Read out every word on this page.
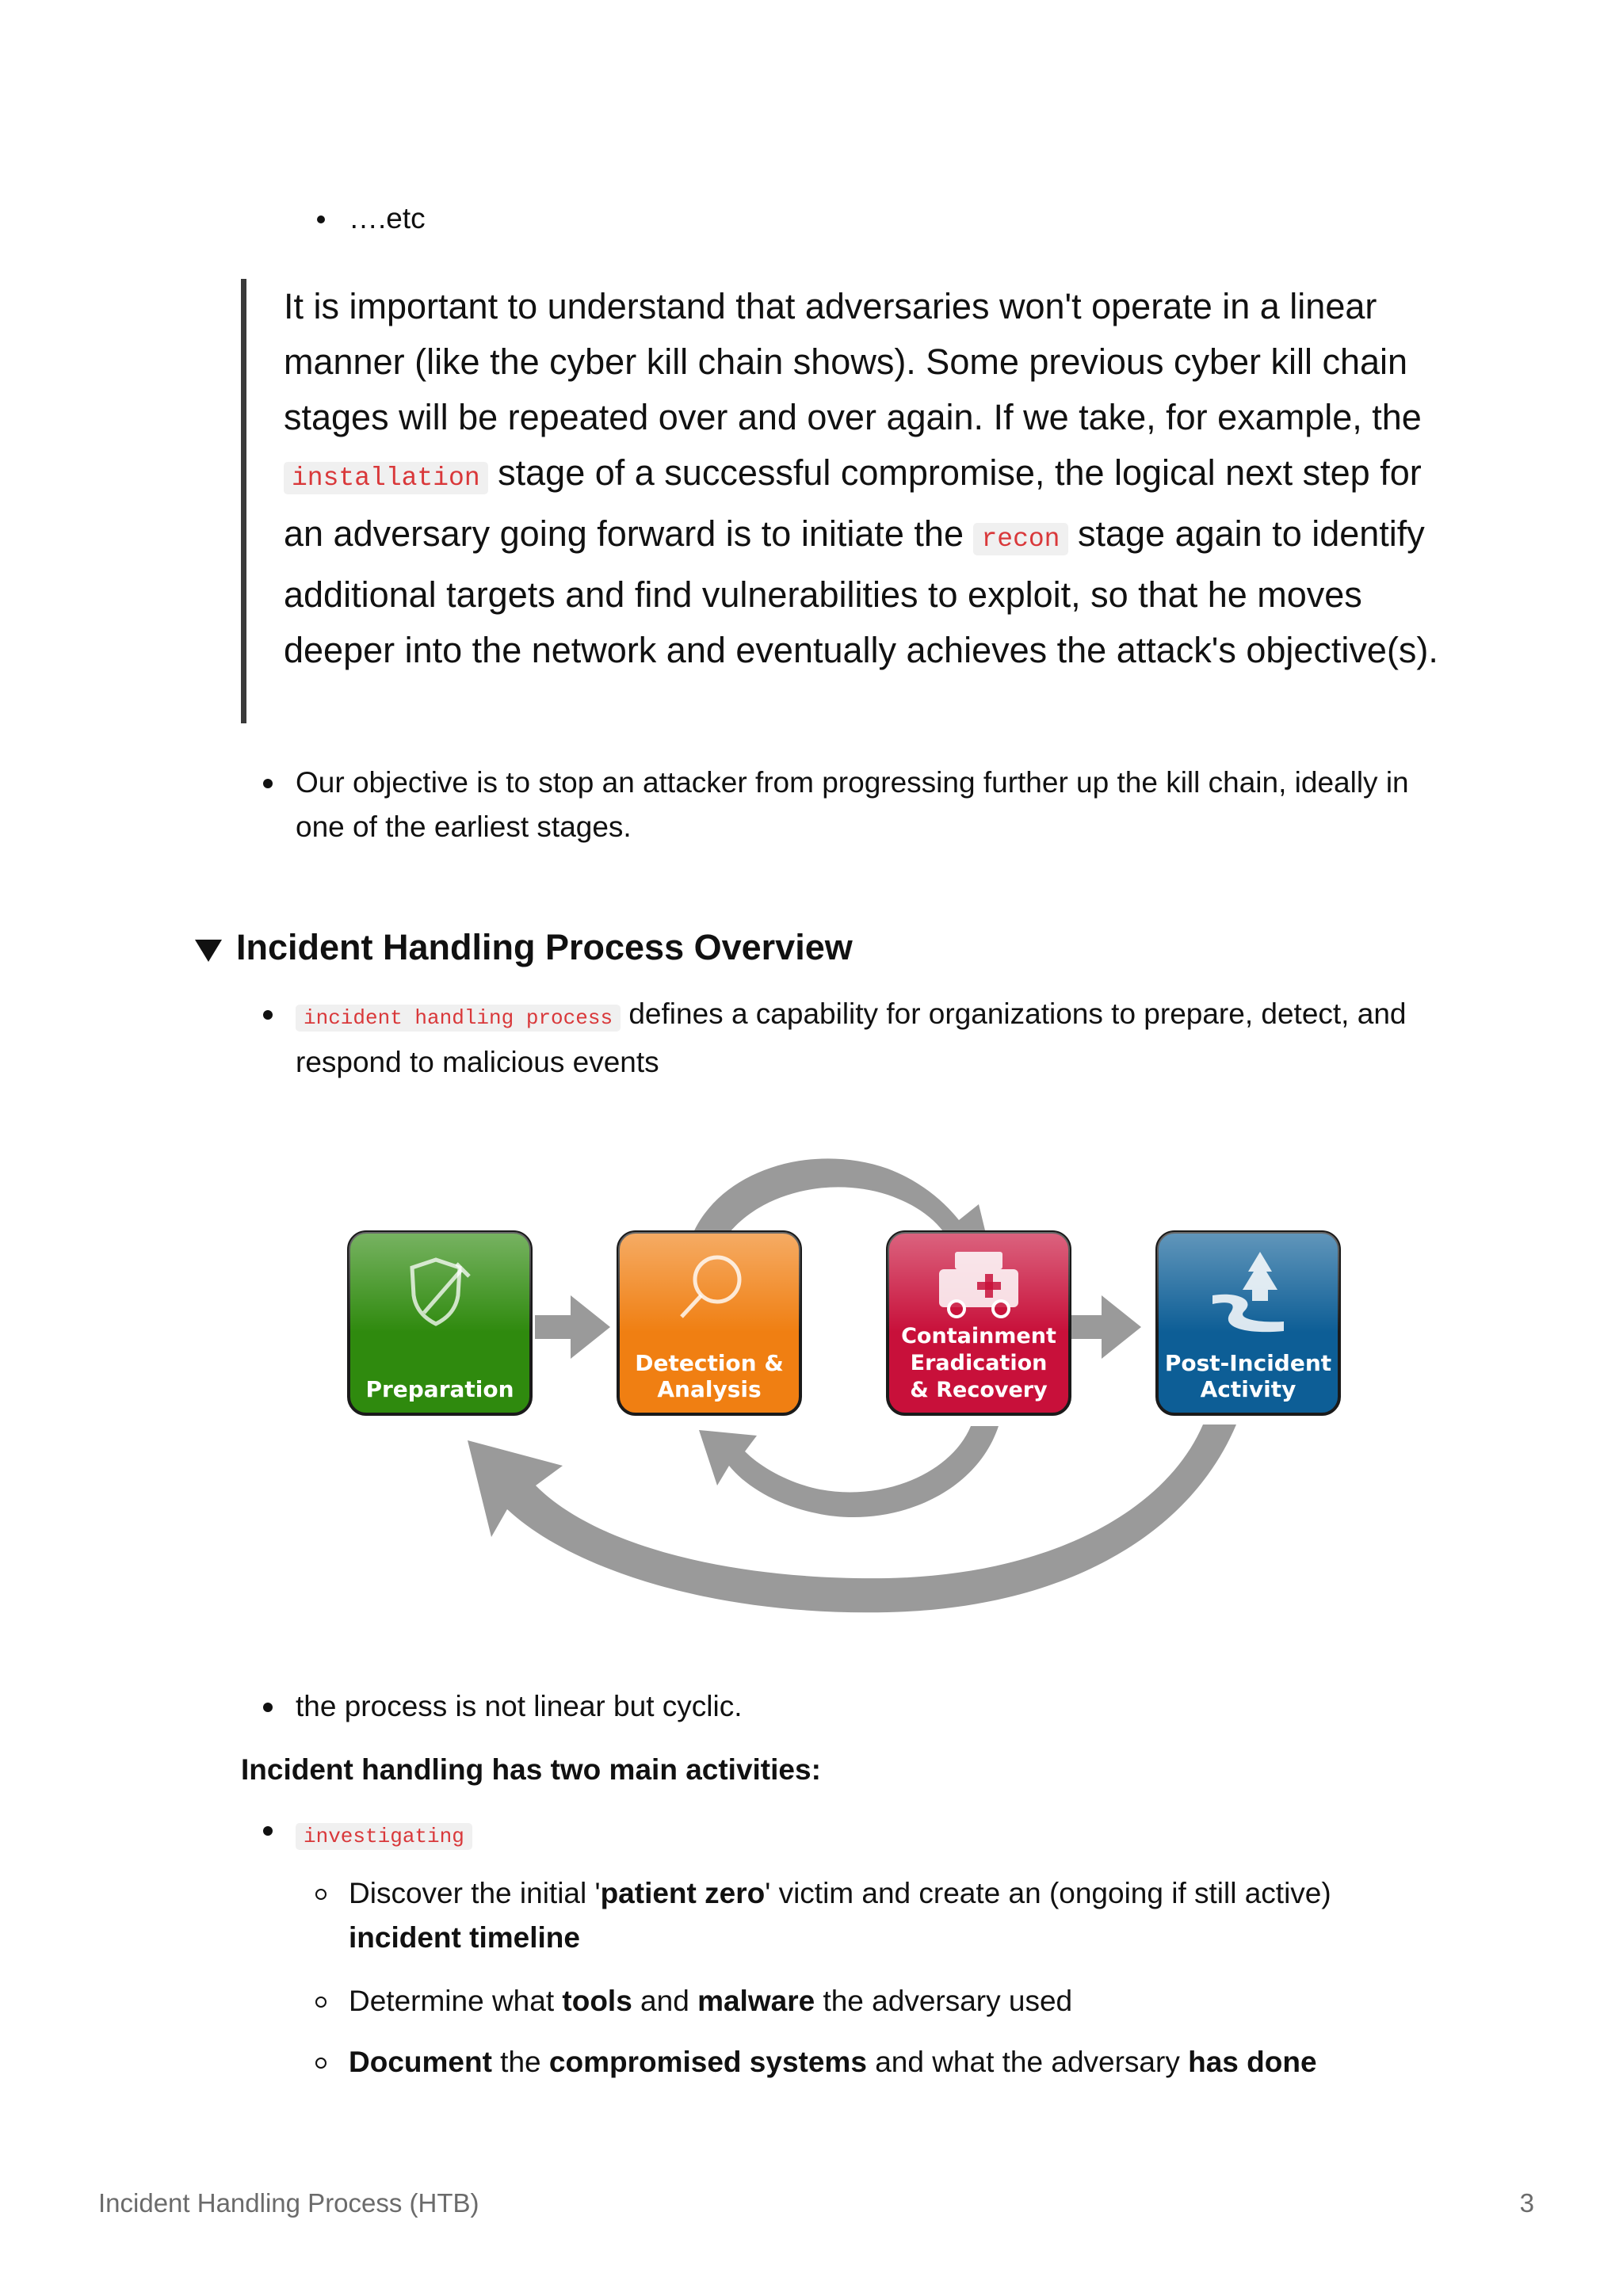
….etc
It is important to understand that adversaries won't operate in a linear manner (like the cyber kill chain shows). Some previous cyber kill chain stages will be repeated over and over again. If we take, for example, the installation stage of a successful compromise, the logical next step for an adversary going forward is to initiate the recon stage again to identify additional targets and find vulnerabilities to exploit, so that he moves deeper into the network and eventually achieves the attack's objective(s).
Our objective is to stop an attacker from progressing further up the kill chain, ideally in one of the earliest stages.
Incident Handling Process Overview
incident handling process defines a capability for organizations to prepare, detect, and respond to malicious events
Preparation
Detection &
Analysis
Containment
Eradication
& Recovery
Post-Incident
Activity
the process is not linear but cyclic.
Incident handling has two main activities:
investigating
Discover the initial 'patient zero' victim and create an (ongoing if still active) incident timeline
Determine what tools and malware the adversary used
Document the compromised systems and what the adversary has done
Incident Handling Process (HTB)	3
